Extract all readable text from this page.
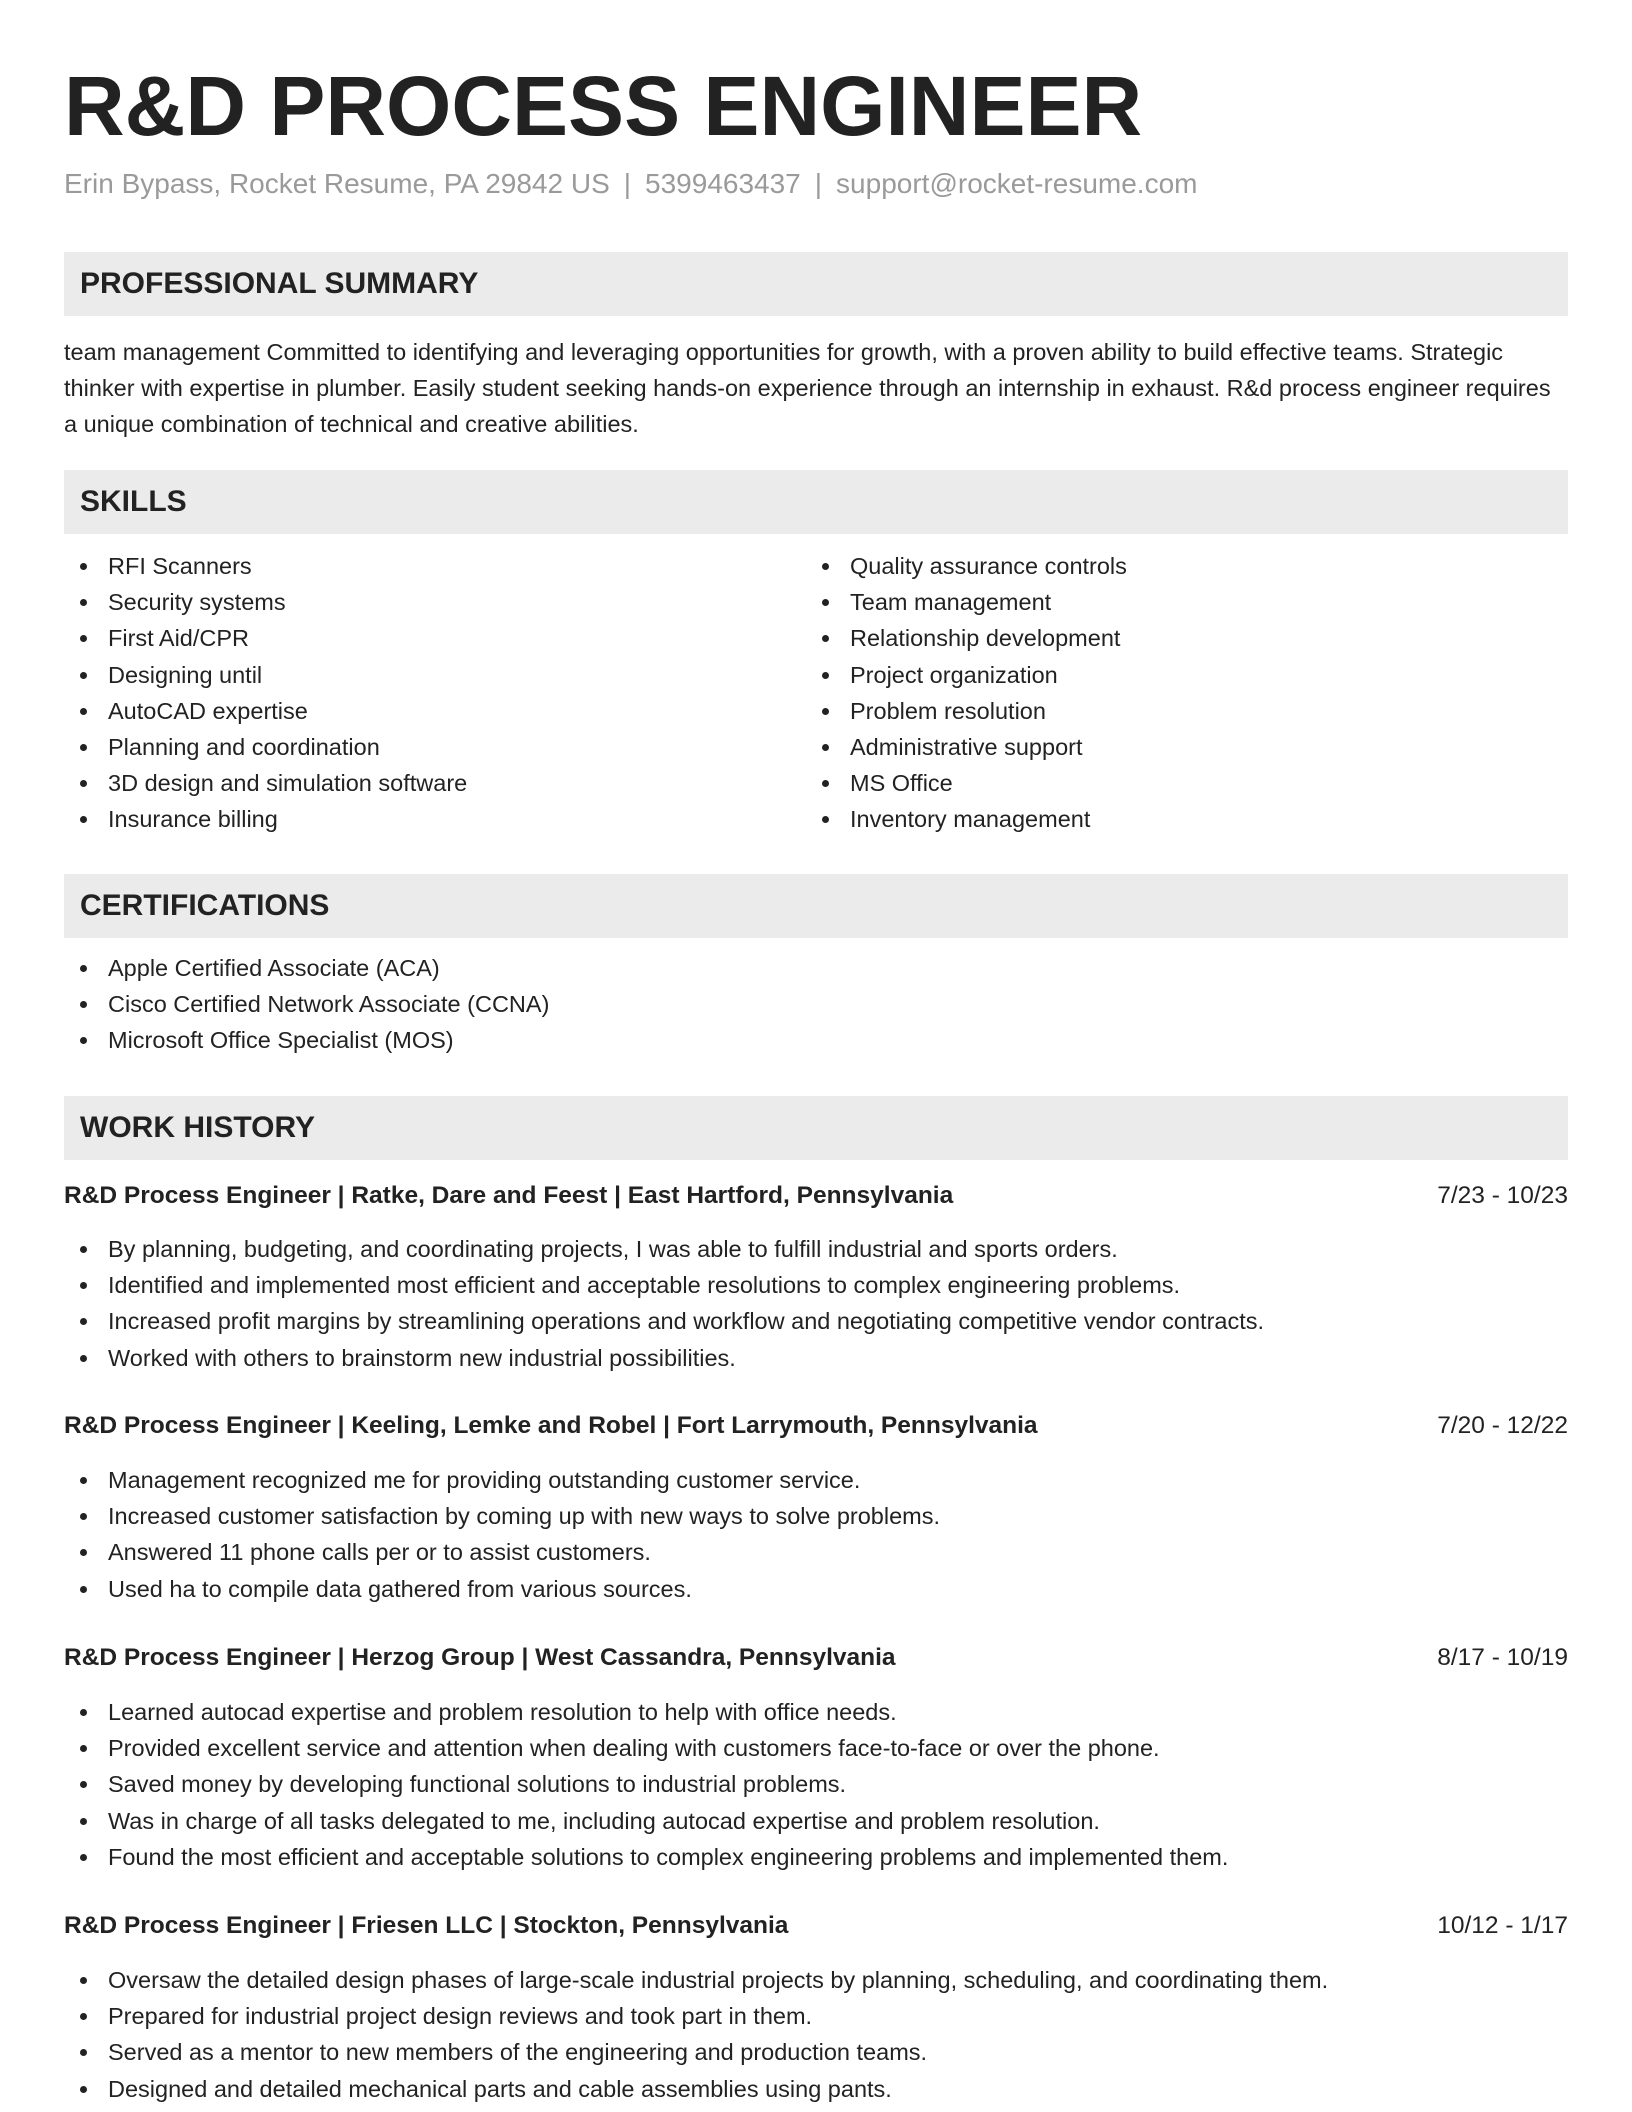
R&D PROCESS ENGINEER
Erin Bypass, Rocket Resume, PA 29842 US | 5399463437 | support@rocket-resume.com
PROFESSIONAL SUMMARY

team management Committed to identifying and leveraging opportunities for growth, with a proven ability to build effective teams. Strategic thinker with expertise in plumber. Easily student seeking hands-on experience through an internship in exhaust. R&d process engineer requires a unique combination of technical and creative abilities.

SKILLS
RFI Scanners
Security systems
First Aid/CPR
Designing until
AutoCAD expertise
Planning and coordination
3D design and simulation software
Insurance billing
Quality assurance controls
Team management
Relationship development
Project organization
Problem resolution
Administrative support
MS Office
Inventory management
CERTIFICATIONS
Apple Certified Associate (ACA)
Cisco Certified Network Associate (CCNA)
Microsoft Office Specialist (MOS)
WORK HISTORY
R&D Process Engineer | Ratke, Dare and Feest | East Hartford, Pennsylvania	7/23 - 10/23
By planning, budgeting, and coordinating projects, I was able to fulfill industrial and sports orders.
Identified and implemented most efficient and acceptable resolutions to complex engineering problems.
Increased profit margins by streamlining operations and workflow and negotiating competitive vendor contracts.
Worked with others to brainstorm new industrial possibilities.
R&D Process Engineer | Keeling, Lemke and Robel | Fort Larrymouth, Pennsylvania	7/20 - 12/22
Management recognized me for providing outstanding customer service.
Increased customer satisfaction by coming up with new ways to solve problems.
Answered 11 phone calls per or to assist customers.
Used ha to compile data gathered from various sources.
R&D Process Engineer | Herzog Group | West Cassandra, Pennsylvania	8/17 - 10/19
Learned autocad expertise and problem resolution to help with office needs.
Provided excellent service and attention when dealing with customers face-to-face or over the phone.
Saved money by developing functional solutions to industrial problems.
Was in charge of all tasks delegated to me, including autocad expertise and problem resolution.
Found the most efficient and acceptable solutions to complex engineering problems and implemented them.
R&D Process Engineer | Friesen LLC | Stockton, Pennsylvania	10/12 - 1/17
Oversaw the detailed design phases of large-scale industrial projects by planning, scheduling, and coordinating them.
Prepared for industrial project design reviews and took part in them.
Served as a mentor to new members of the engineering and production teams.
Designed and detailed mechanical parts and cable assemblies using pants.
